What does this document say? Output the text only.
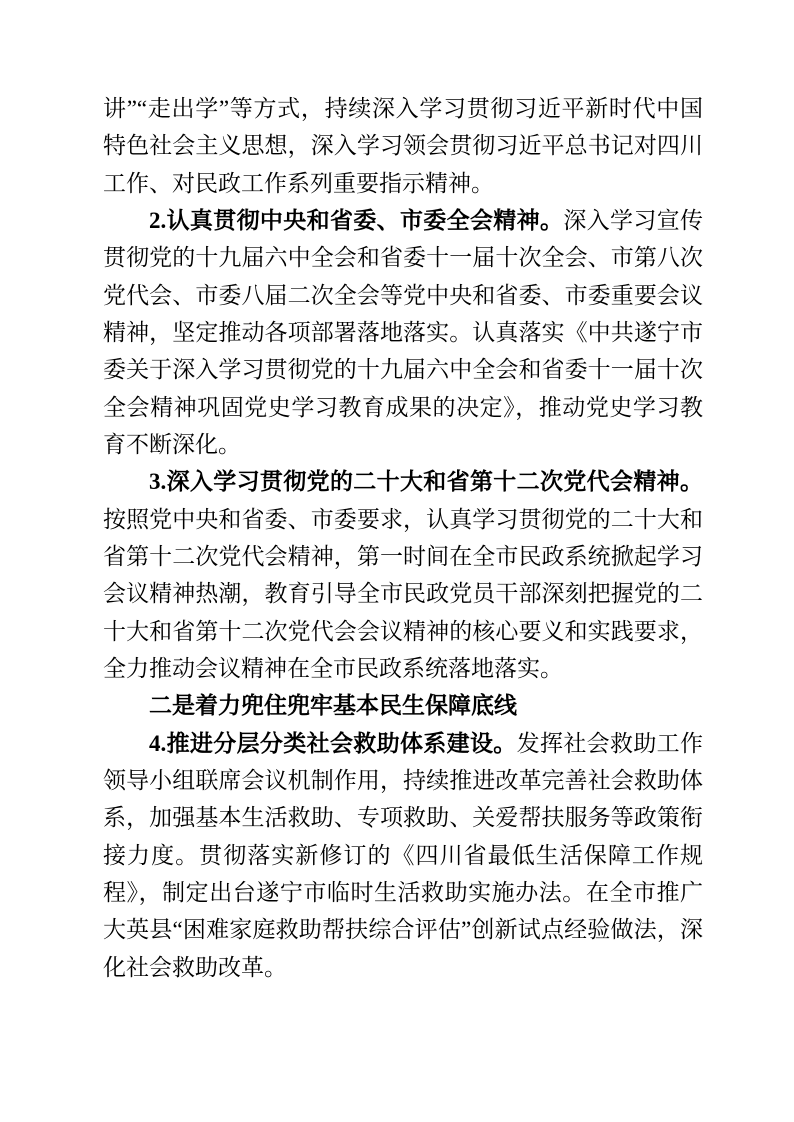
讲”“走出学”等方式，持续深入学习贯彻习近平新时代中国特色社会主义思想，深入学习领会贯彻习近平总书记对四川工作、对民政工作系列重要指示精神。

2.认真贯彻中央和省委、市委全会精神。深入学习宣传贯彻党的十九届六中全会和省委十一届十次全会、市第八次党代会、市委八届二次全会等党中央和省委、市委重要会议精神，坚定推动各项部署落地落实。认真落实《中共遂宁市委关于深入学习贯彻党的十九届六中全会和省委十一届十次全会精神巩固党史学习教育成果的决定》，推动党史学习教育不断深化。

3.深入学习贯彻党的二十大和省第十二次党代会精神。按照党中央和省委、市委要求，认真学习贯彻党的二十大和省第十二次党代会精神，第一时间在全市民政系统掀起学习会议精神热潮，教育引导全市民政党员干部深刻把握党的二十大和省第十二次党代会会议精神的核心要义和实践要求，全力推动会议精神在全市民政系统落地落实。

二是着力兜住兜牢基本民生保障底线

4.推进分层分类社会救助体系建设。发挥社会救助工作领导小组联席会议机制作用，持续推进改革完善社会救助体系，加强基本生活救助、专项救助、关爱帮扶服务等政策衔接力度。贯彻落实新修订的《四川省最低生活保障工作规程》，制定出台遂宁市临时生活救助实施办法。在全市推广大英县“困难家庭救助帮扶综合评估”创新试点经验做法，深化社会救助改革。
